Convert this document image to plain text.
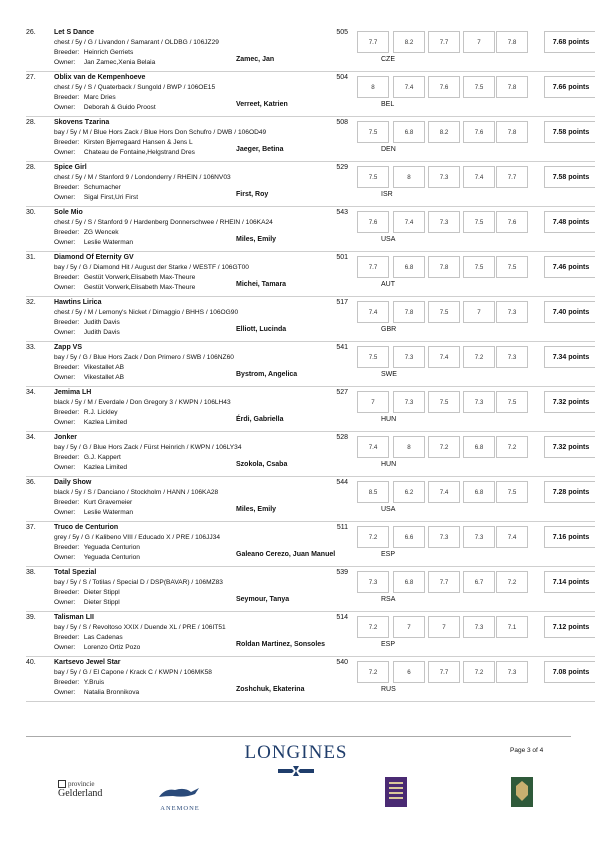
26.	Let S Dance
chest / 5y / G / Livandon / Samarant / OLDBG / 106JZ29
Breeder: Heinrich Gerriets
Owner: Jan Zamec,Xenia Belaia
505
Zamec, Jan	CZE
7.7	8.2	7.7	7	7.8	7.68 points
27.	Oblix van de Kempenhoeve
chest / 5y / S / Quaterback / Sungold / BWP / 106OE15
Breeder: Marc Dries
Owner: Deborah & Guido Proost
504
Verreet, Katrien	BEL
8	7.4	7.6	7.5	7.8	7.66 points
28.	Skovens Tzarina
bay / 5y / M / Blue Hors Zack / Blue Hors Don Schufro / DWB / 106OD49
Breeder: Kirsten Bjerregaard Hansen & Jens L
Owner: Chateau de Fontaine,Helgstrand Dres
508
Jaeger, Betina	DEN
7.5	6.8	8.2	7.6	7.8	7.58 points
28.	Spice Girl
chest / 5y / M / Stanford 9 / Londonderry / RHEIN / 106NV03
Breeder: Schumacher
Owner: Sigal First,Uri First
529
First, Roy	ISR
7.5	8	7.3	7.4	7.7	7.58 points
30.	Sole Mio
chest / 5y / S / Stanford 9 / Hardenberg Donnerschwee / RHEIN / 106KA24
Breeder: ZG Wencek
Owner: Leslie Waterman
543
Miles, Emily	USA
7.6	7.4	7.3	7.5	7.6	7.48 points
31.	Diamond Of Eternity GV
bay / 5y / G / Diamond Hit / August der Starke / WESTF / 106GT00
Breeder: Gestüt Vorwerk,Elisabeth Max-Theure
Owner: Gestüt Vorwerk,Elisabeth Max-Theure
501
Michei, Tamara	AUT
7.7	6.8	7.8	7.5	7.5	7.46 points
32.	Hawtins Lirica
chest / 5y / M / Lemony's Nicket / Dimaggio / BHHS / 106OG90
Breeder: Judith Davis
Owner: Judith Davis
517
Elliott, Lucinda	GBR
7.4	7.8	7.5	7	7.3	7.40 points
33.	Zapp VS
bay / 5y / G / Blue Hors Zack / Don Primero / SWB / 106NZ60
Breeder: Vikestallet AB
Owner: Vikestallet AB
541
Bystrom, Angelica	SWE
7.5	7.3	7.4	7.2	7.3	7.34 points
34.	Jemima LH
black / 5y / M / Everdale / Don Gregory 3 / KWPN / 106LH43
Breeder: R.J. Lickley
Owner: Kazlea Limited
527
Érdi, Gabriella	HUN
7	7.3	7.5	7.3	7.5	7.32 points
34.	Jonker
bay / 5y / G / Blue Hors Zack / Fürst Heinrich / KWPN / 106LY34
Breeder: G.J. Kappert
Owner: Kazlea Limited
528
Szokola, Csaba	HUN
7.4	8	7.2	6.8	7.2	7.32 points
36.	Daily Show
black / 5y / S / Danciano / Stockholm / HANN / 106KA28
Breeder: Kurt Gravemeier
Owner: Leslie Waterman
544
Miles, Emily	USA
8.5	6.2	7.4	6.8	7.5	7.28 points
37.	Truco de Centurion
grey / 5y / G / Kalibeno VIII / Educado X / PRE / 106JJ34
Breeder: Yeguada Centurion
Owner: Yeguada Centurion
511
Galeano Cerezo, Juan Manuel	ESP
7.2	6.6	7.3	7.3	7.4	7.16 points
38.	Total Spezial
bay / 5y / S / Totilas / Special D / DSP(BAVAR) / 106MZ83
Breeder: Dieter Stippl
Owner: Dieter Stippl
539
Seymour, Tanya	RSA
7.3	6.8	7.7	6.7	7.2	7.14 points
39.	Talisman LII
bay / 5y / S / Revoltoso XXIX / Duende XL / PRE / 106IT51
Breeder: Las Cadenas
Owner: Lorenzo Ortiz Pozo
514
Roldan Martinez, Sonsoles	ESP
7.2	7	7	7.3	7.1	7.12 points
40.	Kartsevo Jewel Star
bay / 5y / G / El Capone / Krack C / KWPN / 106MK58
Breeder: Y.Bruis
Owner: Natalia Bronnikova
540
Zoshchuk, Ekaterina	RUS
7.2	6	7.7	7.2	7.3	7.08 points
LONGINES	Page 3 of 4
provincie
Gelderland
ANEMONE
